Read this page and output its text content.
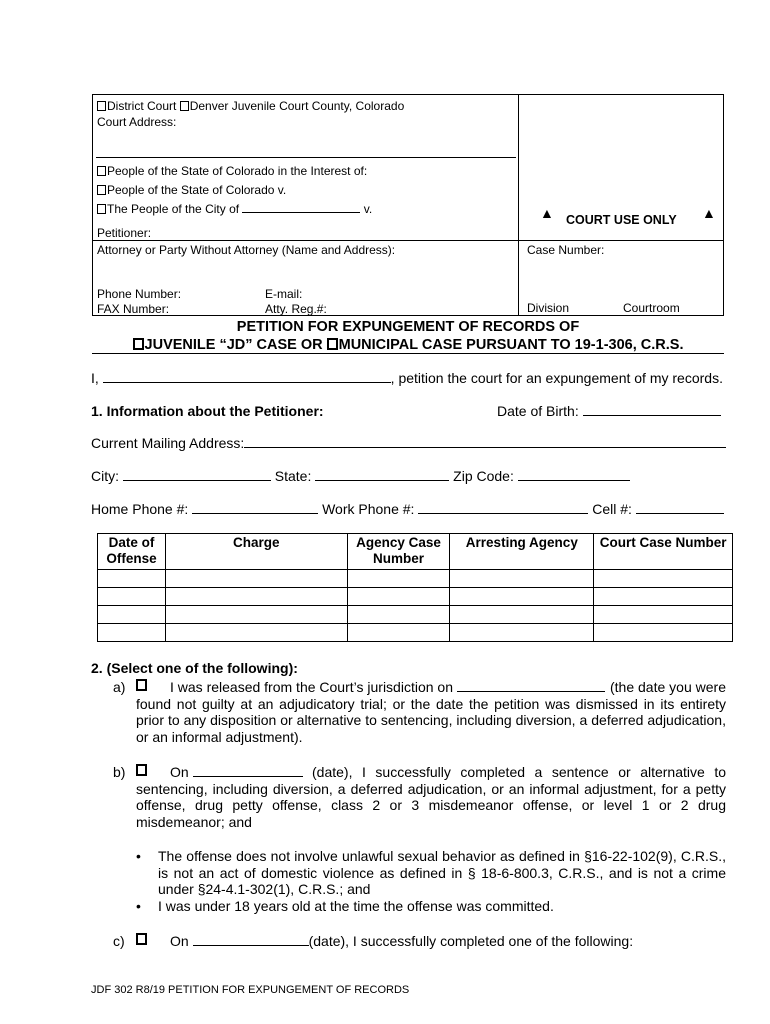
District Court Denver Juvenile Court County, Colorado
Court Address:
People of the State of Colorado in the Interest of:
People of the State of Colorado v.
The People of the City of	v.
Petitioner:
Attorney or Party Without Attorney (Name and Address):
Phone Number:	E-mail:
FAX Number:	Atty. Reg.#:
▲ COURT USE ONLY ▲
Case Number:
Division	Courtroom
PETITION FOR EXPUNGEMENT OF RECORDS OF
JUVENILE “JD” CASE OR MUNICIPAL CASE PURSUANT TO 19-1-306, C.R.S.
I,	, petition the court for an expungement of my records.
1. Information about the Petitioner:	Date of Birth:
Current Mailing Address:
City:	State:	Zip Code:
Home Phone #:	Work Phone #:	Cell #:
Date of Offense	Charge	Agency Case Number	Arresting Agency	Court Case Number

2. (Select one of the following):
a)	I was released from the Court’s jurisdiction on	(the date you were found not guilty at an adjudicatory trial; or the date the petition was dismissed in its entirety prior to any disposition or alternative to sentencing, including diversion, a deferred adjudication, or an informal adjustment).
b)	On	(date), I successfully completed a sentence or alternative to sentencing, including diversion, a deferred adjudication, or an informal adjustment, for a petty offense, drug petty offense, class 2 or 3 misdemeanor offense, or level 1 or 2 drug misdemeanor; and
• The offense does not involve unlawful sexual behavior as defined in §16-22-102(9), C.R.S., is not an act of domestic violence as defined in § 18-6-800.3, C.R.S., and is not a crime under §24-4.1-302(1), C.R.S.; and
• I was under 18 years old at the time the offense was committed.
c)	On	(date), I successfully completed one of the following:
JDF 302 R8/19 PETITION FOR EXPUNGEMENT OF RECORDS
